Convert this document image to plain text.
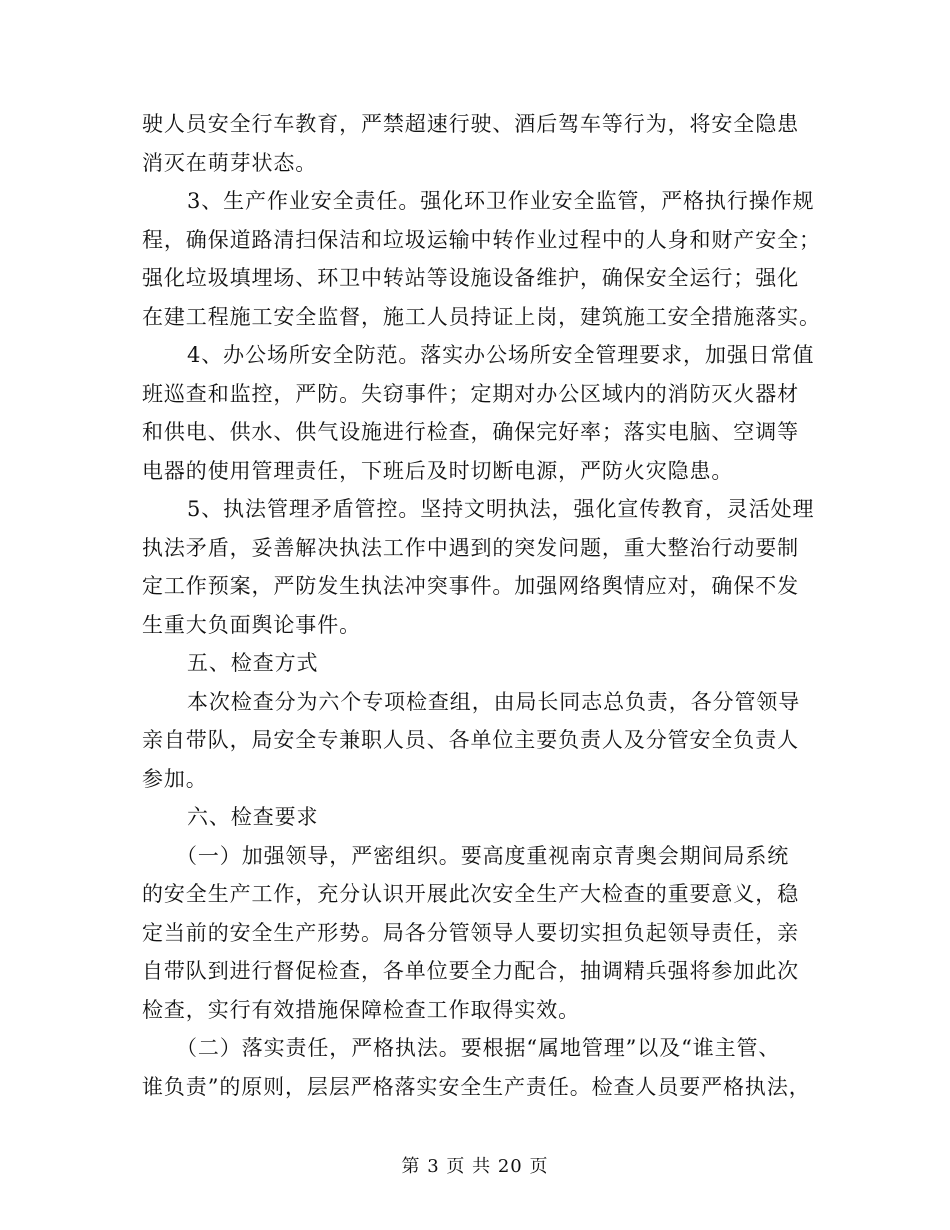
驶人员安全行车教育，严禁超速行驶、酒后驾车等行为，将安全隐患
消灭在萌芽状态。
3、生产作业安全责任。强化环卫作业安全监管，严格执行操作规
程，确保道路清扫保洁和垃圾运输中转作业过程中的人身和财产安全；
强化垃圾填埋场、环卫中转站等设施设备维护，确保安全运行；强化
在建工程施工安全监督，施工人员持证上岗，建筑施工安全措施落实。
4、办公场所安全防范。落实办公场所安全管理要求，加强日常值
班巡查和监控，严防。失窃事件；定期对办公区域内的消防灭火器材
和供电、供水、供气设施进行检查，确保完好率；落实电脑、空调等
电器的使用管理责任，下班后及时切断电源，严防火灾隐患。
5、执法管理矛盾管控。坚持文明执法，强化宣传教育，灵活处理
执法矛盾，妥善解决执法工作中遇到的突发问题，重大整治行动要制
定工作预案，严防发生执法冲突事件。加强网络舆情应对，确保不发
生重大负面舆论事件。
五、检查方式
本次检查分为六个专项检查组，由局长同志总负责，各分管领导
亲自带队，局安全专兼职人员、各单位主要负责人及分管安全负责人
参加。
六、检查要求
（一）加强领导，严密组织。要高度重视南京青奥会期间局系统
的安全生产工作，充分认识开展此次安全生产大检查的重要意义，稳
定当前的安全生产形势。局各分管领导人要切实担负起领导责任，亲
自带队到进行督促检查，各单位要全力配合，抽调精兵强将参加此次
检查，实行有效措施保障检查工作取得实效。
（二）落实责任，严格执法。要根据“属地管理”以及“谁主管、
谁负责”的原则，层层严格落实安全生产责任。检查人员要严格执法，
第 3 页 共 20 页
